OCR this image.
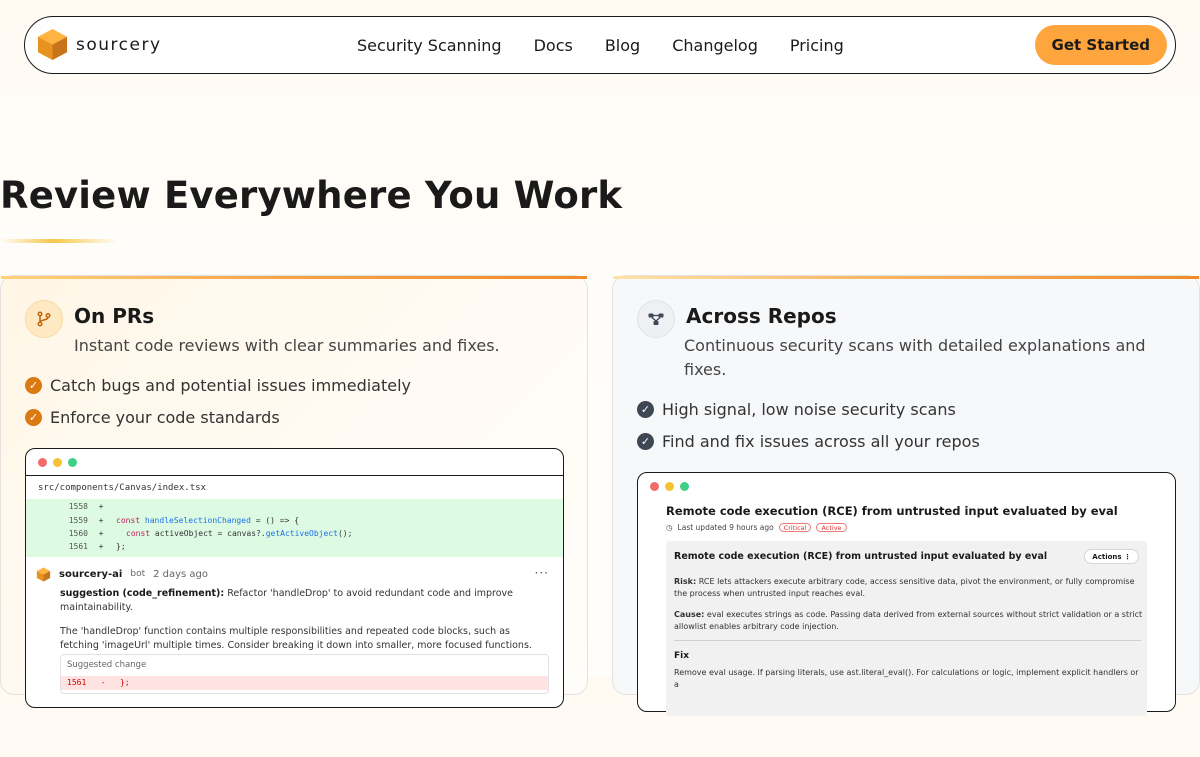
sourcery	Security Scanning Docs Blog Changelog Pricing	Get Started
Review Everywhere You Work
On PRs
Instant code reviews with clear summaries and fixes.
✓ Catch bugs and potential issues immediately
✓ Enforce your code standards
src/components/Canvas/index.tsx
1558	+
1559	+	const handleSelectionChanged = () => {
1560	+	const activeObject = canvas?.getActiveObject();
1561	+	};
sourcery-ai bot 2 days ago	···

suggestion (code_refinement): Refactor 'handleDrop' to avoid redundant code and improve maintainability.

The 'handleDrop' function contains multiple responsibilities and repeated code blocks, such as fetching 'imageUrl' multiple times. Consider breaking it down into smaller, more focused functions.

Suggested change
1561 - };
Across Repos
Continuous security scans with detailed explanations and fixes.
✓ High signal, low noise security scans
✓ Find and fix issues across all your repos
Remote code execution (RCE) from untrusted input evaluated by eval
◷ Last updated 9 hours ago	Critical	Active
Remote code execution (RCE) from untrusted input evaluated by eval	Actions ⋮
Risk: RCE lets attackers execute arbitrary code, access sensitive data, pivot the environment, or fully compromise the process when untrusted input reaches eval.
Cause: eval executes strings as code. Passing data derived from external sources without strict validation or a strict allowlist enables arbitrary code injection.
Fix
Remove eval usage. If parsing literals, use ast.literal_eval(). For calculations or logic, implement explicit handlers or a
